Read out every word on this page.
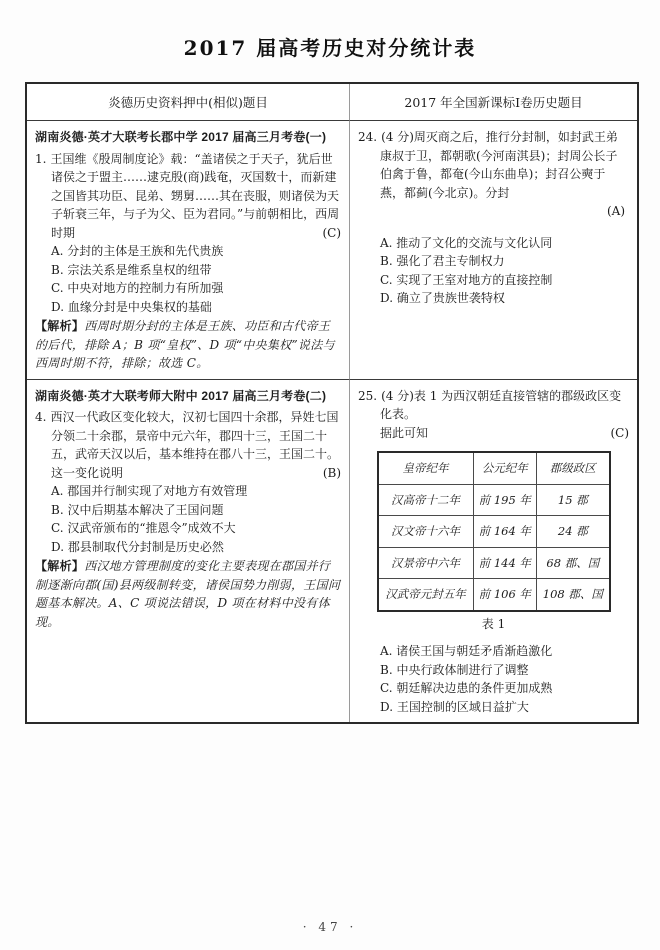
2017 届高考历史对分统计表
炎德历史资料押中(相似)题目	2017 年全国新课标Ⅰ卷历史题目
湖南炎德·英才大联考长郡中学 2017 届高三月考卷(一)
1. 王国维《殷周制度论》载：“盖诸侯之于天子，犹后世诸侯之于盟主……逮克殷(商)践奄，灭国数十，而新建之国皆其功臣、昆弟、甥舅……其在丧服，则诸侯为天子斩衰三年，与子为父、臣为君同。”与前朝相比，西周时期	(C)
A. 分封的主体是王族和先代贵族
B. 宗法关系是维系皇权的纽带
C. 中央对地方的控制力有所加强
D. 血缘分封是中央集权的基础
【解析】西周时期分封的主体是王族、功臣和古代帝王的后代，排除 A；B 项“皇权”、D 项“中央集权”说法与西周时期不符，排除；故选 C。
24. (4 分)周灭商之后，推行分封制，如封武王弟康叔于卫，都朝歌(今河南淇县)；封周公长子伯禽于鲁，都奄(今山东曲阜)；封召公奭于燕，都蓟(今北京)。分封
(A)
A. 推动了文化的交流与文化认同
B. 强化了君主专制权力
C. 实现了王室对地方的直接控制
D. 确立了贵族世袭特权
湖南炎德·英才大联考师大附中 2017 届高三月考卷(二)
4. 西汉一代政区变化较大，汉初七国四十余郡，异姓七国分领二十余郡，景帝中元六年，郡四十三，王国二十五，武帝天汉以后，基本维持在郡八十三，王国二十。这一变化说明	(B)
A. 郡国并行制实现了对地方有效管理
B. 汉中后期基本解决了王国问题
C. 汉武帝颁布的“推恩令”成效不大
D. 郡县制取代分封制是历史必然
【解析】西汉地方管理制度的变化主要表现在郡国并行制逐渐向郡(国)县两级制转变，诸侯国势力削弱，王国问题基本解决。A、C 项说法错误，D 项在材料中没有体现。
25. (4 分)表 1 为西汉朝廷直接管辖的郡级政区变化表。
据此可知	(C)
皇帝纪年	公元纪年	郡级政区
汉高帝十二年	前 195 年	15 郡
汉文帝十六年	前 164 年	24 郡
汉景帝中六年	前 144 年	68 郡、国
汉武帝元封五年	前 106 年	108 郡、国
表 1
A. 诸侯王国与朝廷矛盾渐趋激化
B. 中央行政体制进行了调整
C. 朝廷解决边患的条件更加成熟
D. 王国控制的区域日益扩大
· 47 ·
